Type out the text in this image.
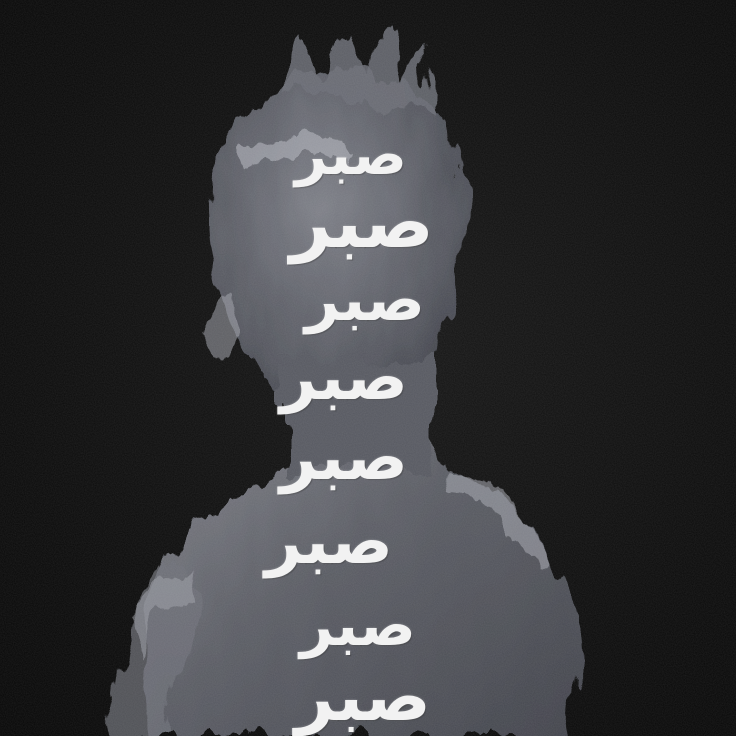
صبر
صبر
صبر
صبر
صبر
صبر
صبر
صبر
